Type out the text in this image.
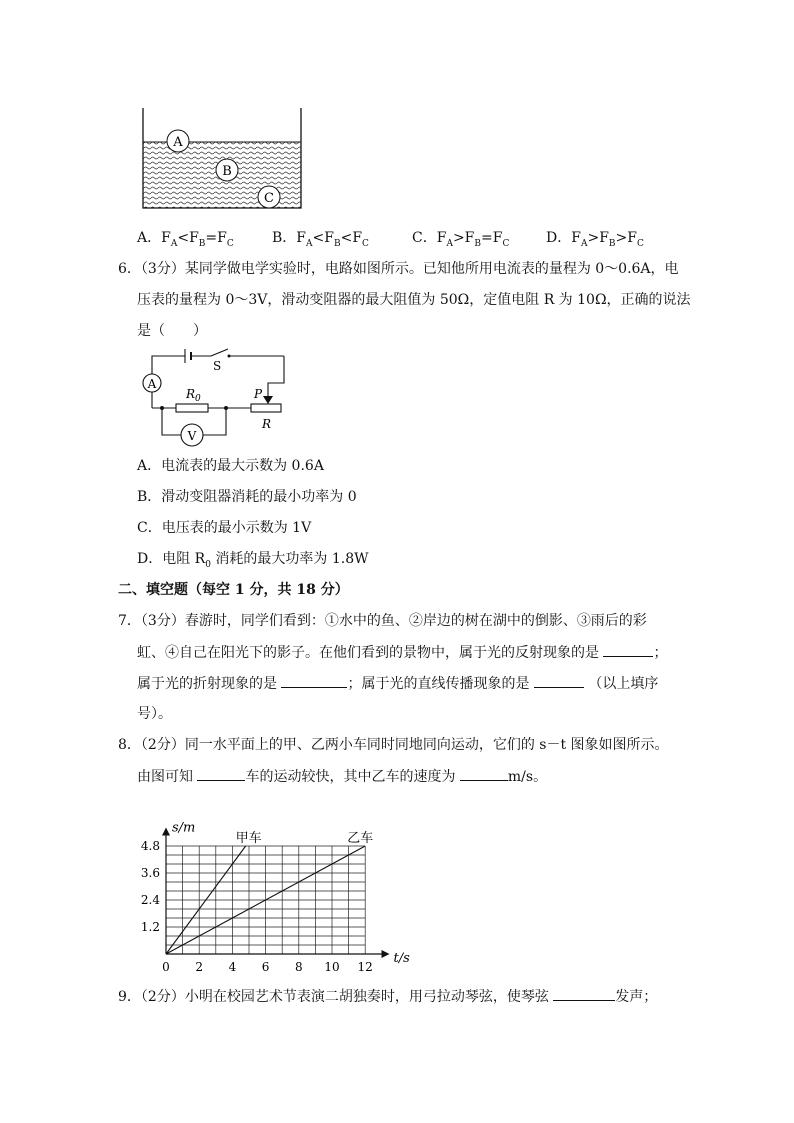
A
B
C
A．$F_A<F_B=F_C$	B．$F_A<F_B<F_C$	C．$F_A>F_B=F_C$	D．$F_A>F_B>F_C$
6．（3分）某同学做电学实验时，电路如图所示。已知他所用电流表的量程为 0～0.6A，电
压表的量程为 0～3V，滑动变阻器的最大阻值为 50Ω，定值电阻 R 为 10Ω，正确的说法
是（　　）
A
V
S
$R_0$	P
R
A．电流表的最大示数为 0.6A
B．滑动变阻器消耗的最小功率为 0
C．电压表的最小示数为 1V
D．电阻 $R_0$ 消耗的最大功率为 1.8W
二、填空题（每空 1 分，共 18 分）
7．（3分）春游时，同学们看到：①水中的鱼、②岸边的树在湖中的倒影、③雨后的彩
虹、④自己在阳光下的影子。在他们看到的景物中，属于光的反射现象的是	；
属于光的折射现象的是	；属于光的直线传播现象的是	（以上填序
号）。
8．（2分）同一水平面上的甲、乙两小车同时同地同向运动，它们的 s－t 图象如图所示。
由图可知	车的运动较快，其中乙车的速度为	m/s。
0 2 4 6 8 10 12
1.2
2.4
3.6
4.8
s/m
t/s
甲车	乙车
9．（2分）小明在校园艺术节表演二胡独奏时，用弓拉动琴弦，使琴弦	发声；
